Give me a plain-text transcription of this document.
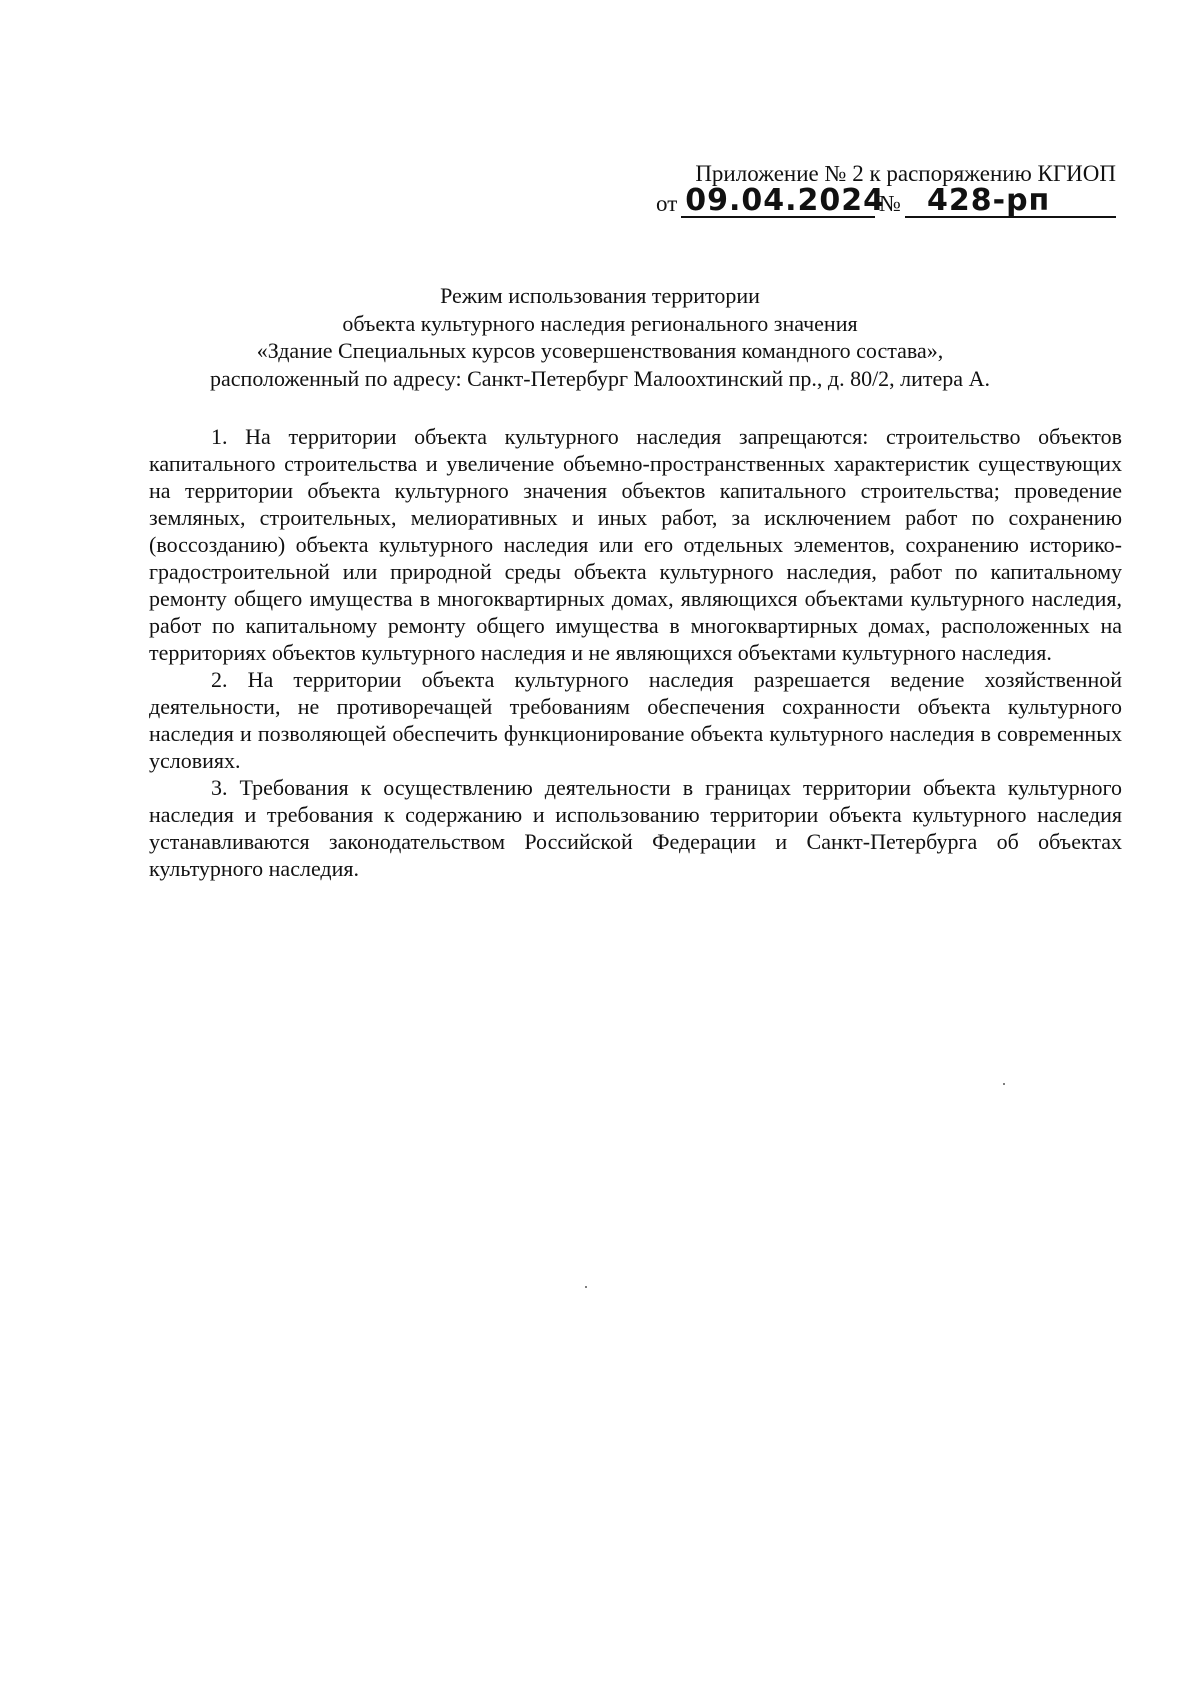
Приложение № 2 к распоряжению КГИОП
от 09.04.2024
№ 428-рп
Режим использования территории
объекта культурного наследия регионального значения
«Здание Специальных курсов усовершенствования командного состава»,
расположенный по адресу: Санкт-Петербург Малоохтинский пр., д. 80/2, литера А.

1. На территории объекта культурного наследия запрещаются: строительство объектов капитального строительства и увеличение объемно-пространственных характеристик существующих на территории объекта культурного значения объектов капитального строительства; проведение земляных, строительных, мелиоративных и иных работ, за исключением работ по сохранению (воссозданию) объекта культурного наследия или его отдельных элементов, сохранению историко-градостроительной или природной среды объекта культурного наследия, работ по капитальному ремонту общего имущества в многоквартирных домах, являющихся объектами культурного наследия, работ по капитальному ремонту общего имущества в многоквартирных домах, расположенных на территориях объектов культурного наследия и не являющихся объектами культурного наследия.

2. На территории объекта культурного наследия разрешается ведение хозяйственной деятельности, не противоречащей требованиям обеспечения сохранности объекта культурного наследия и позволяющей обеспечить функционирование объекта культурного наследия в современных условиях.

3. Требования к осуществлению деятельности в границах территории объекта культурного наследия и требования к содержанию и использованию территории объекта культурного наследия устанавливаются законодательством Российской Федерации и Санкт-Петербурга об объектах культурного наследия.
